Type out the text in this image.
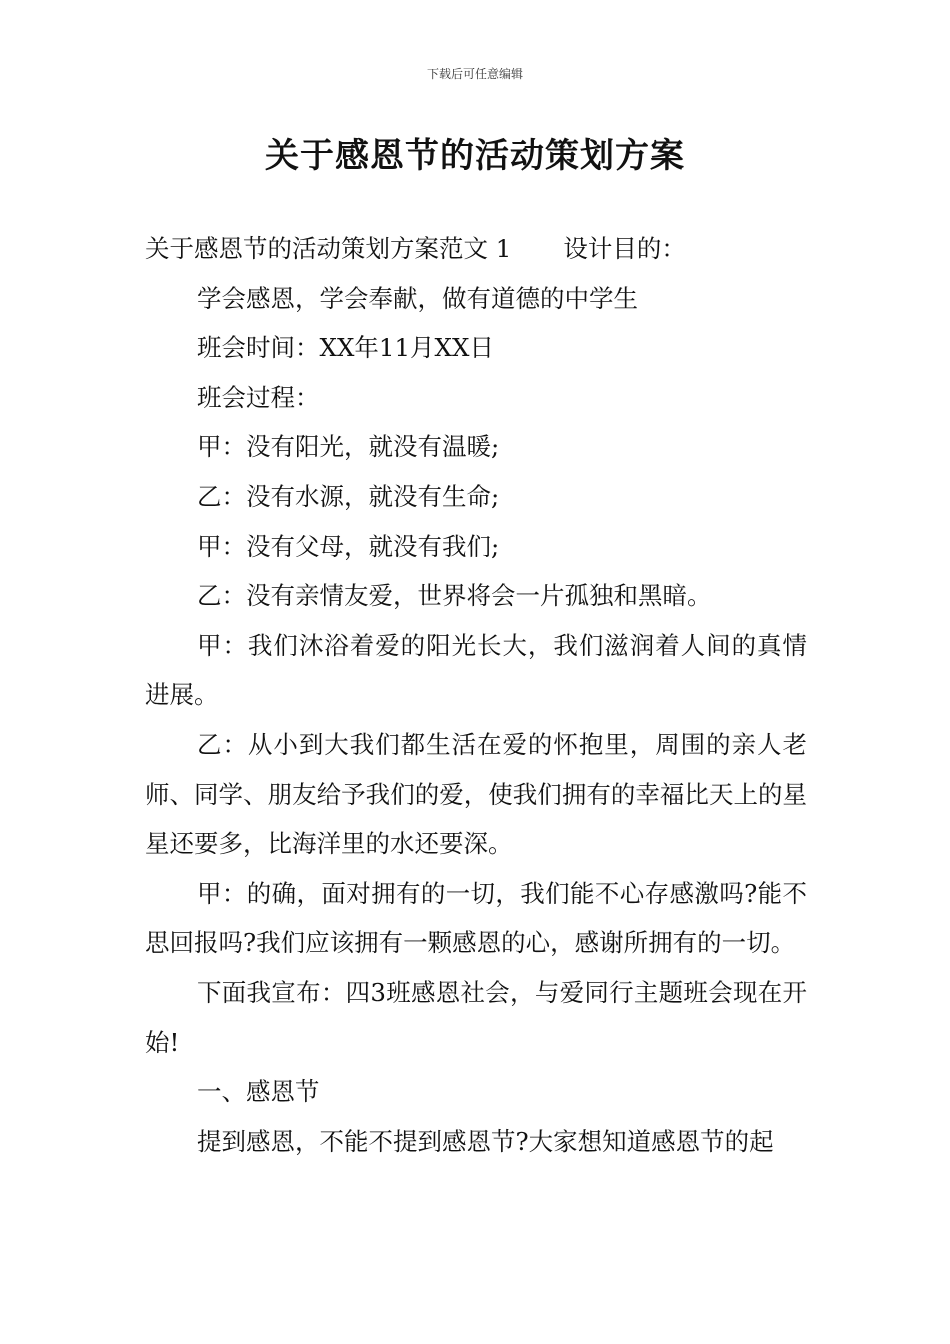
下载后可任意编辑
关于感恩节的活动策划方案

关于感恩节的活动策划方案范文 1 设计目的：

学会感恩，学会奉献，做有道德的中学生

班会时间：XX年11月XX日

班会过程：

甲：没有阳光，就没有温暖;

乙：没有水源，就没有生命;

甲：没有父母，就没有我们;

乙：没有亲情友爱，世界将会一片孤独和黑暗。

甲：我们沐浴着爱的阳光长大，我们滋润着人间的真情进展。

乙：从小到大我们都生活在爱的怀抱里，周围的亲人老师、同学、朋友给予我们的爱，使我们拥有的幸福比天上的星星还要多，比海洋里的水还要深。

甲：的确，面对拥有的一切，我们能不心存感激吗?能不思回报吗?我们应该拥有一颗感恩的心，感谢所拥有的一切。

下面我宣布：四3班感恩社会，与爱同行主题班会现在开始!

一、感恩节

提到感恩，不能不提到感恩节?大家想知道感恩节的起
